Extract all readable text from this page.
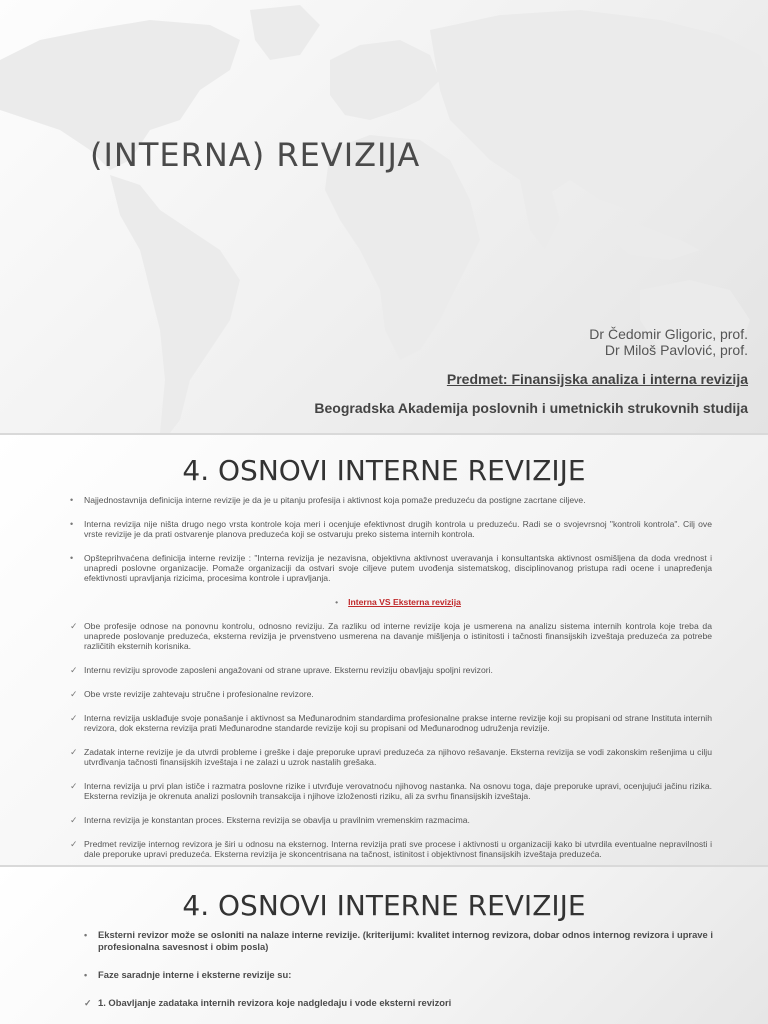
(INTERNA) REVIZIJA
Dr Čedomir Gligoric, prof.
Dr Miloš Pavlović, prof.
Predmet: Finansijska analiza i interna revizija
Beogradska Akademija poslovnih i umetnickih strukovnih studija
4. OSNOVI INTERNE REVIZIJE
• Najjednostavnija definicija interne revizije je da je u pitanju profesija i aktivnost koja pomaže preduzeću da postigne zacrtane ciljeve.
• Interna revizija nije ništa drugo nego vrsta kontrole koja meri i ocenjuje efektivnost drugih kontrola u preduzeću. Radi se o svojevrsnoj "kontroli kontrola". Cilj ove vrste revizije je da prati ostvarenje planova preduzeća koji se ostvaruju preko sistema internih kontrola.
• Opšteprihvaćena definicija interne revizije : "Interna revizija je nezavisna, objektivna aktivnost uveravanja i konsultantska aktivnost osmišljena da doda vrednost i unapredi poslovne organizacije. Pomaže organizaciji da ostvari svoje ciljeve putem uvođenja sistematskog, disciplinovanog pristupa radi ocene i unapređenja efektivnosti upravljanja rizicima, procesima kontrole i upravljanja.
• Interna VS Eksterna revizija
✓ Obe profesije odnose na ponovnu kontrolu, odnosno reviziju. Za razliku od interne revizije koja je usmerena na analizu sistema internih kontrola koje treba da unaprede poslovanje preduzeća, eksterna revizija je prvenstveno usmerena na davanje mišljenja o istinitosti i tačnosti finansijskih izveštaja preduzeća za potrebe različitih eksternih korisnika.
✓ Internu reviziju sprovode zaposleni angažovani od strane uprave. Eksternu reviziju obavljaju spoljni revizori.
✓ Obe vrste revizije zahtevaju stručne i profesionalne revizore.
✓ Interna revizija usklađuje svoje ponašanje i aktivnost sa Međunarodnim standardima profesionalne prakse interne revizije koji su propisani od strane Instituta internih revizora, dok eksterna revizija prati Međunarodne standarde revizije koji su propisani od Međunarodnog udruženja revizije.
✓ Zadatak interne revizije je da utvrdi probleme i greške i daje preporuke upravi preduzeća za njihovo rešavanje. Eksterna revizija se vodi zakonskim rešenjima u cilju utvrđivanja tačnosti finansijskih izveštaja i ne zalazi u uzrok nastalih grešaka.
✓ Interna revizija u prvi plan ističe i razmatra poslovne rizike i utvrđuje verovatnoću njihovog nastanka. Na osnovu toga, daje preporuke upravi, ocenjujući jačinu rizika. Eksterna revizija je okrenuta analizi poslovnih transakcija i njihove izloženosti riziku, ali za svrhu finansijskih izveštaja.
✓ Interna revizija je konstantan proces. Eksterna revizija se obavlja u pravilnim vremenskim razmacima.
✓ Predmet revizije internog revizora je širi u odnosu na eksternog. Interna revizija prati sve procese i aktivnosti u organizaciji kako bi utvrdila eventualne nepravilnosti i dale preporuke upravi preduzeća. Eksterna revizija je skoncentrisana na tačnost, istinitost i objektivnost finansijskih izveštaja preduzeća.
4. OSNOVI INTERNE REVIZIJE
• Eksterni revizor može se osloniti na nalaze interne revizije. (kriterijumi: kvalitet internog revizora, dobar odnos internog revizora i uprave i profesionalna savesnost i obim posla)
• Faze saradnje interne i eksterne revizije su:
✓ 1. Obavljanje zadataka internih revizora koje nadgledaju i vode eksterni revizori
